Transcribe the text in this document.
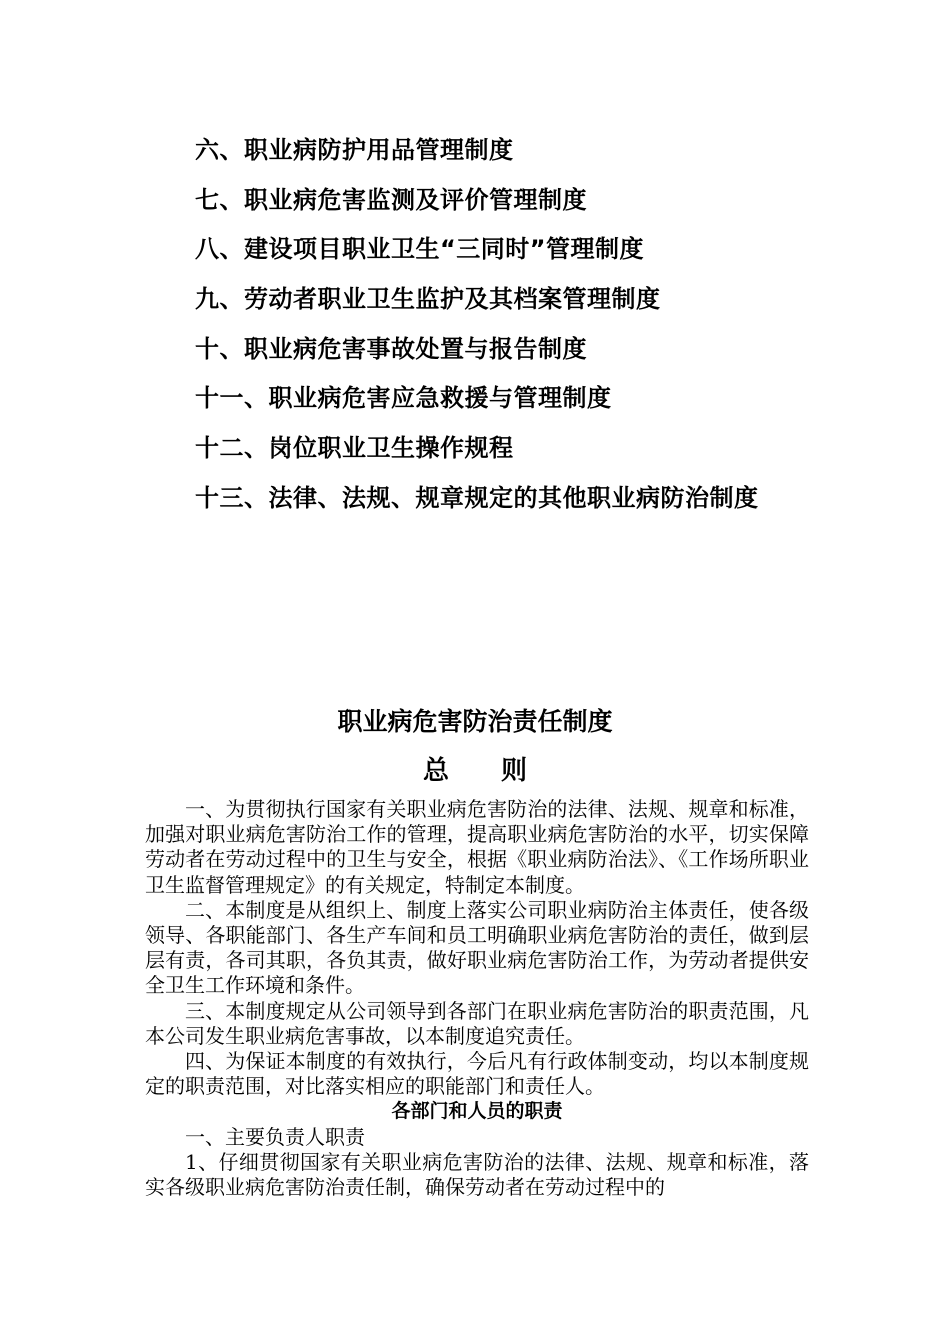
六、职业病防护用品管理制度
七、职业病危害监测及评价管理制度
八、建设项目职业卫生“三同时”管理制度
九、劳动者职业卫生监护及其档案管理制度
十、职业病危害事故处置与报告制度
十一、职业病危害应急救援与管理制度
十二、岗位职业卫生操作规程
十三、法律、法规、规章规定的其他职业病防治制度
职业病危害防治责任制度
总 则

一、为贯彻执行国家有关职业病危害防治的法律、法规、规章和标准，加强对职业病危害防治工作的管理，提高职业病危害防治的水平，切实保障劳动者在劳动过程中的卫生与安全，根据《职业病防治法》、《工作场所职业卫生监督管理规定》的有关规定，特制定本制度。

二、本制度是从组织上、制度上落实公司职业病防治主体责任，使各级领导、各职能部门、各生产车间和员工明确职业病危害防治的责任，做到层层有责，各司其职，各负其责，做好职业病危害防治工作，为劳动者提供安全卫生工作环境和条件。

三、本制度规定从公司领导到各部门在职业病危害防治的职责范围，凡本公司发生职业病危害事故，以本制度追究责任。

四、为保证本制度的有效执行，今后凡有行政体制变动，均以本制度规定的职责范围，对比落实相应的职能部门和责任人。

各部门和人员的职责

一、主要负责人职责

1、仔细贯彻国家有关职业病危害防治的法律、法规、规章和标准，落实各级职业病危害防治责任制，确保劳动者在劳动过程中的
